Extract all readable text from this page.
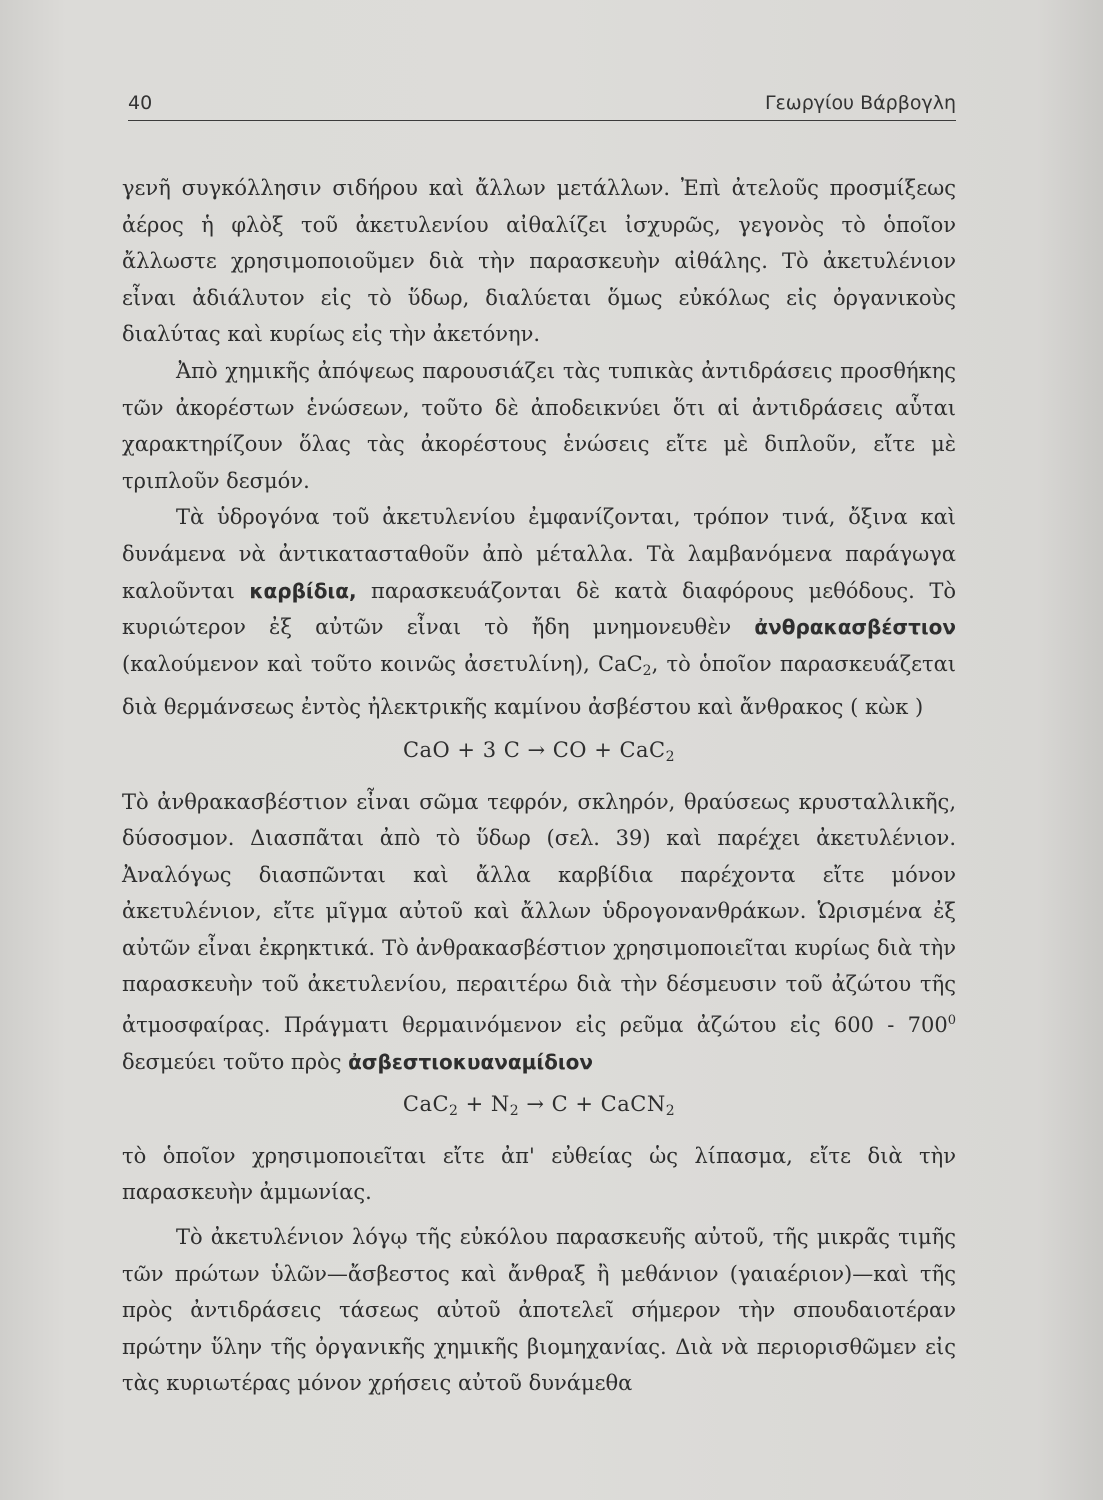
40	Γεωργίου Βάρβογλη

γενῆ συγκόλλησιν σιδήρου καὶ ἄλλων μετάλλων. Ἐπὶ ἀτελοῦς προσμίξεως ἀέρος ἡ φλὸξ τοῦ ἀκετυλενίου αἰθαλίζει ἰσχυρῶς, γεγονὸς τὸ ὁποῖον ἄλλωστε χρησιμοποιοῦμεν διὰ τὴν παρασκευὴν αἰθάλης. Τὸ ἀκετυλένιον εἶναι ἀδιάλυτον εἰς τὸ ὕδωρ, διαλύεται ὅμως εὐκόλως εἰς ὀργανικοὺς διαλύτας καὶ κυρίως εἰς τὴν ἀκετόνην.

Ἀπὸ χημικῆς ἀπόψεως παρουσιάζει τὰς τυπικὰς ἀντιδράσεις προσθήκης τῶν ἀκορέστων ἑνώσεων, τοῦτο δὲ ἀποδεικνύει ὅτι αἱ ἀντιδράσεις αὗται χαρακτηρίζουν ὅλας τὰς ἀκορέστους ἑνώσεις εἴτε μὲ διπλοῦν, εἴτε μὲ τριπλοῦν δεσμόν.

Τὰ ὑδρογόνα τοῦ ἀκετυλενίου ἐμφανίζονται, τρόπον τινά, ὄξινα καὶ δυνάμενα νὰ ἀντικατασταθοῦν ἀπὸ μέταλλα. Τὰ λαμβανόμενα παράγωγα καλοῦνται καρβίδια, παρασκευάζονται δὲ κατὰ διαφόρους μεθόδους. Τὸ κυριώτερον ἐξ αὐτῶν εἶναι τὸ ἤδη μνημονευθὲν ἀνθρακασβέστιον (καλούμενον καὶ τοῦτο κοινῶς ἀσετυλίνη), CaC$_2$, τὸ ὁποῖον παρασκευάζεται διὰ θερμάνσεως ἐντὸς ἠλεκτρικῆς καμίνου ἀσβέστου καὶ ἄνθρακος ( κὼκ )

CaO + 3 C → CO + CaC$_2$

Τὸ ἀνθρακασβέστιον εἶναι σῶμα τεφρόν, σκληρόν, θραύσεως κρυσταλλικῆς, δύσοσμον. Διασπᾶται ἀπὸ τὸ ὕδωρ (σελ. 39) καὶ παρέχει ἀκετυλένιον. Ἀναλόγως διασπῶνται καὶ ἄλλα καρβίδια παρέχοντα εἴτε μόνον ἀκετυλένιον, εἴτε μῖγμα αὐτοῦ καὶ ἄλλων ὑδρογονανθράκων. Ὡρισμένα ἐξ αὐτῶν εἶναι ἐκρηκτικά. Τὸ ἀνθρακασβέστιον χρησιμοποιεῖται κυρίως διὰ τὴν παρασκευὴν τοῦ ἀκετυλενίου, περαιτέρω διὰ τὴν δέσμευσιν τοῦ ἀζώτου τῆς ἀτμοσφαίρας. Πράγματι θερμαινόμενον εἰς ρεῦμα ἀζώτου εἰς $600 - 700^0$ δεσμεύει τοῦτο πρὸς ἀσβεστιοκυαναμίδιον

$CaC_2 + N_2 \to C$ + CaCN$_2$

τὸ ὁποῖον χρησιμοποιεῖται εἴτε ἀπ' εὐθείας ὡς λίπασμα, εἴτε διὰ τὴν παρασκευὴν ἀμμωνίας.

Τὸ ἀκετυλένιον λόγῳ τῆς εὐκόλου παρασκευῆς αὐτοῦ, τῆς μικρᾶς τιμῆς τῶν πρώτων ὑλῶν—ἄσβεστος καὶ ἄνθραξ ἢ μεθάνιον (γαιαέριον)—καὶ τῆς πρὸς ἀντιδράσεις τάσεως αὐτοῦ ἀποτελεῖ σήμερον τὴν σπουδαιοτέραν πρώτην ὕλην τῆς ὀργανικῆς χημικῆς βιομηχανίας. Διὰ νὰ περιορισθῶμεν εἰς τὰς κυριωτέρας μόνον χρήσεις αὐτοῦ δυνάμεθα
